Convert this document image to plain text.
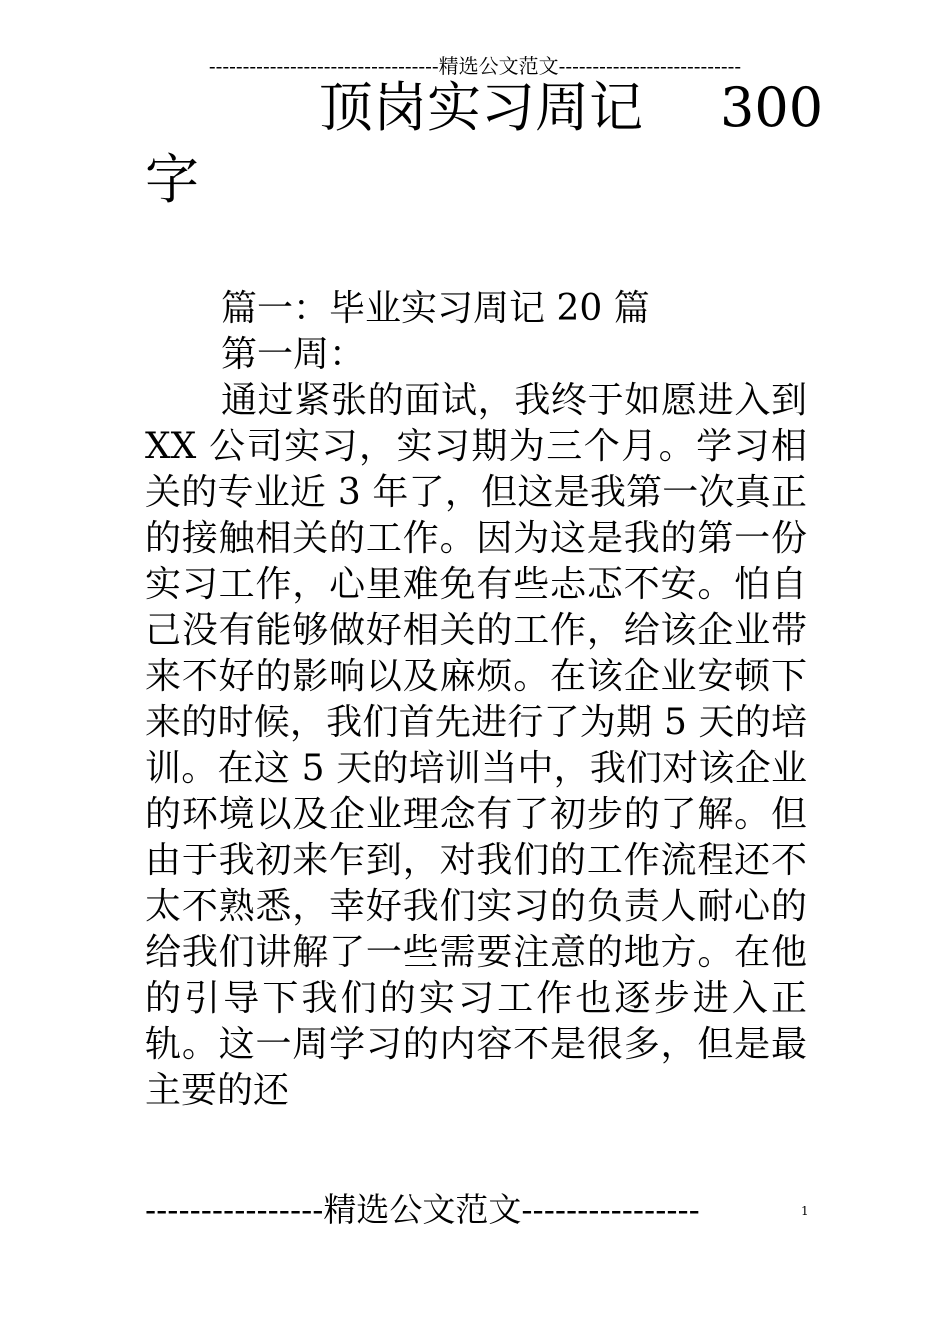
----------------------------------精选公文范文---------------------------
顶岗实习周记 300
字

篇一：毕业实习周记 20 篇

第一周：

通过紧张的面试，我终于如愿进入到 XX 公司实习，实习期为三个月。学习相关的专业近 3 年了，但这是我第一次真正的接触相关的工作。因为这是我的第一份实习工作，心里难免有些忐忑不安。怕自己没有能够做好相关的工作，给该企业带来不好的影响以及麻烦。在该企业安顿下来的时候，我们首先进行了为期 5 天的培训。在这 5 天的培训当中，我们对该企业的环境以及企业理念有了初步的了解。但由于我初来乍到，对我们的工作流程还不太不熟悉，幸好我们实习的负责人耐心的给我们讲解了一些需要注意的地方。在他的引导下我们的实习工作也逐步进入正轨。这一周学习的内容不是很多，但是最主要的还

----------------精选公文范文----------------	1
